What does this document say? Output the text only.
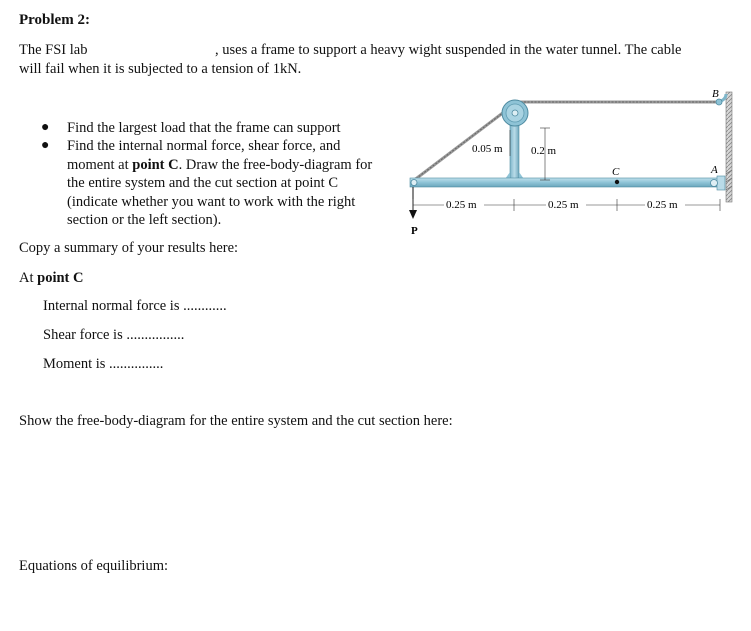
Problem 2:
The FSI lab	, uses a frame to support a heavy wight suspended in the water tunnel. The cable
will fail when it is subjected to a tension of 1kN.
● Find the largest load that the frame can support
● Find the internal normal force, shear force, and
moment at point C. Draw the free-body-diagram for
the entire system and the cut section at point C
(indicate whether you want to work with the right
section or the left section).
Copy a summary of your results here:
At point C
Internal normal force is ............
Shear force is ................
Moment is ...............
Show the free-body-diagram for the entire system and the cut section here:
Equations of equilibrium:
B
A
C
P
0.05 m	0.2 m
0.25 m	0.25 m	0.25 m
